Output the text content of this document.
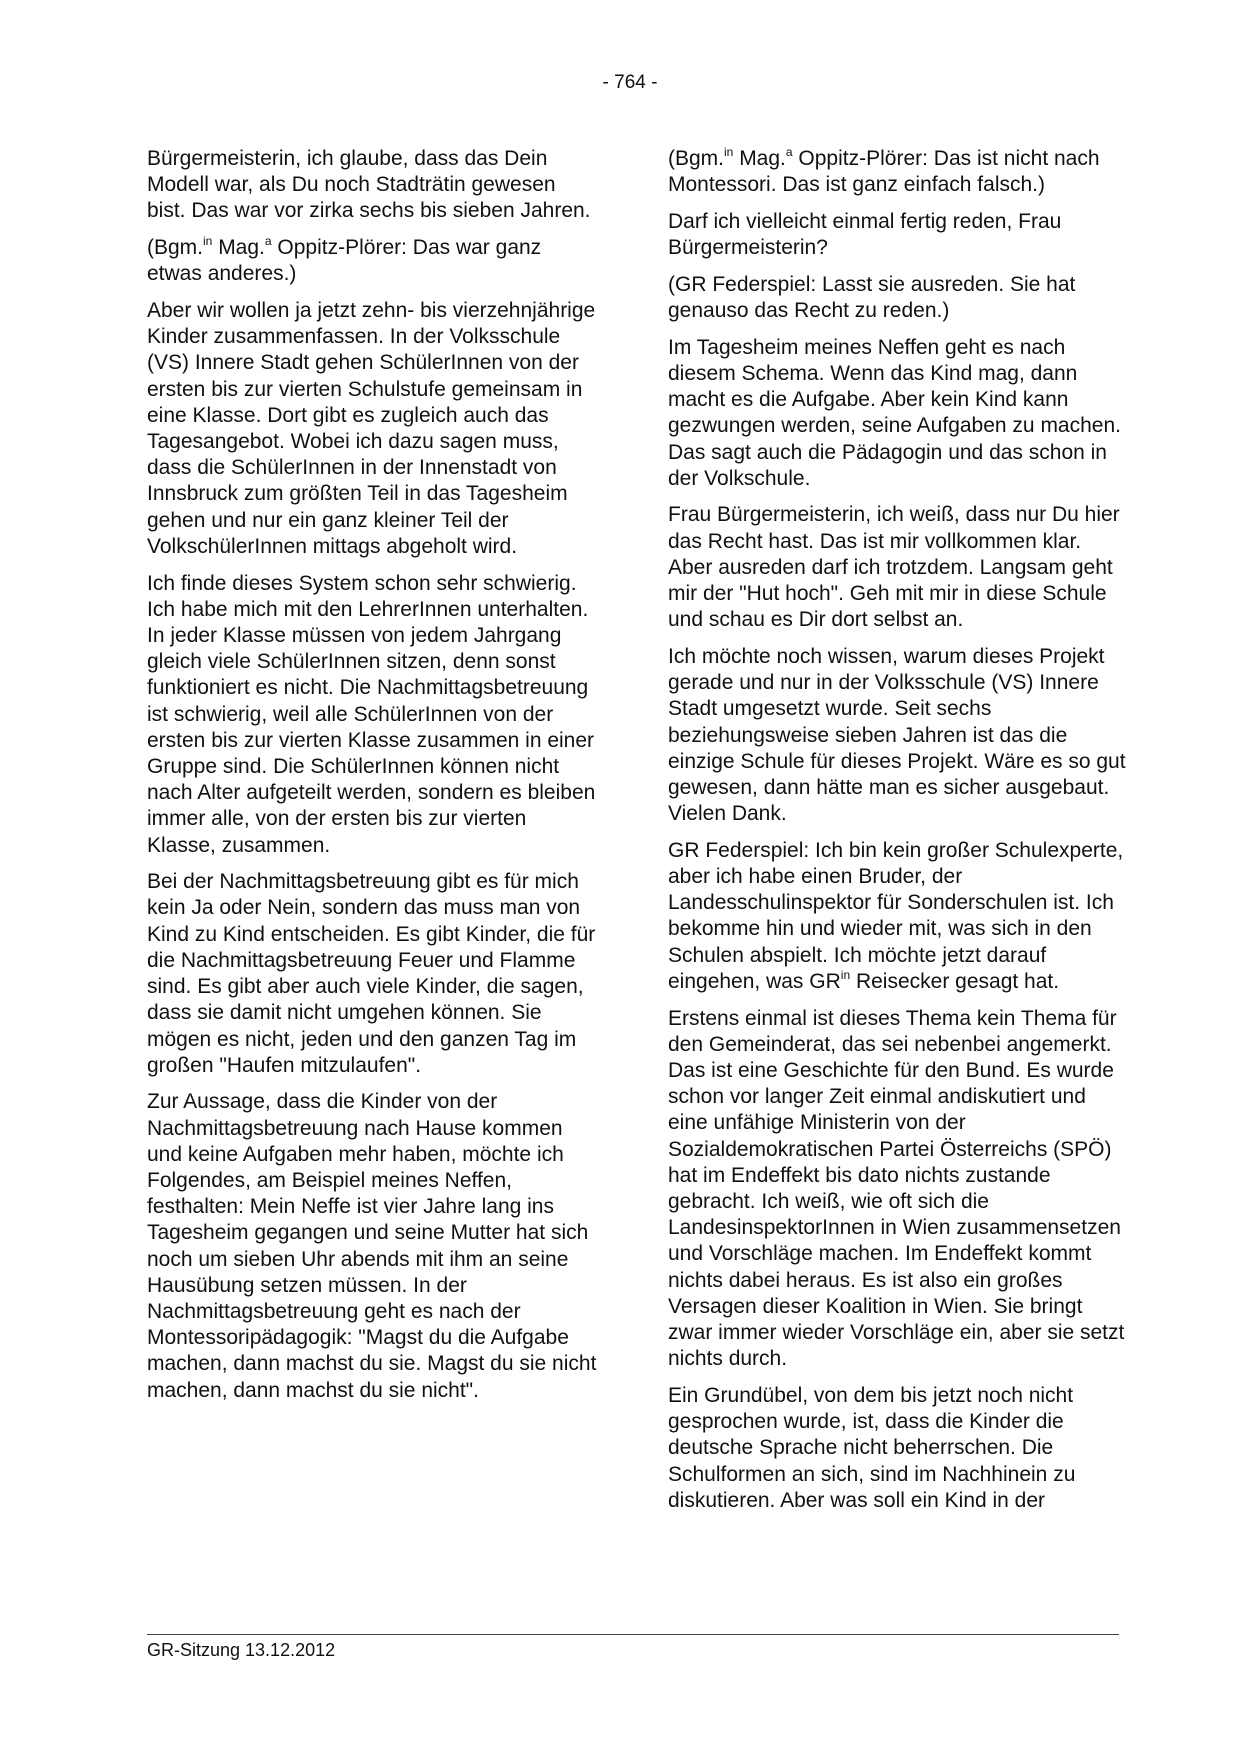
- 764 -

Bürgermeisterin, ich glaube, dass das Dein Modell war, als Du noch Stadträtin gewesen bist. Das war vor zirka sechs bis sieben Jahren.

(Bgm.$^{in}$ Mag.$^a$ Oppitz-Plörer: Das war ganz etwas anderes.)

Aber wir wollen ja jetzt zehn- bis vierzehnjährige Kinder zusammenfassen. In der Volksschule (VS) Innere Stadt gehen SchülerInnen von der ersten bis zur vierten Schulstufe gemeinsam in eine Klasse. Dort gibt es zugleich auch das Tagesangebot. Wobei ich dazu sagen muss, dass die SchülerInnen in der Innenstadt von Innsbruck zum größten Teil in das Tagesheim gehen und nur ein ganz kleiner Teil der VolkschülerInnen mittags abgeholt wird.

Ich finde dieses System schon sehr schwierig. Ich habe mich mit den LehrerInnen unterhalten. In jeder Klasse müssen von jedem Jahrgang gleich viele SchülerInnen sitzen, denn sonst funktioniert es nicht. Die Nachmittagsbetreuung ist schwierig, weil alle SchülerInnen von der ersten bis zur vierten Klasse zusammen in einer Gruppe sind. Die SchülerInnen können nicht nach Alter aufgeteilt werden, sondern es bleiben immer alle, von der ersten bis zur vierten Klasse, zusammen.

Bei der Nachmittagsbetreuung gibt es für mich kein Ja oder Nein, sondern das muss man von Kind zu Kind entscheiden. Es gibt Kinder, die für die Nachmittagsbetreuung Feuer und Flamme sind. Es gibt aber auch viele Kinder, die sagen, dass sie damit nicht umgehen können. Sie mögen es nicht, jeden und den ganzen Tag im großen "Haufen mitzulaufen".

Zur Aussage, dass die Kinder von der Nachmittagsbetreuung nach Hause kommen und keine Aufgaben mehr haben, möchte ich Folgendes, am Beispiel meines Neffen, festhalten: Mein Neffe ist vier Jahre lang ins Tagesheim gegangen und seine Mutter hat sich noch um sieben Uhr abends mit ihm an seine Hausübung setzen müssen. In der Nachmittagsbetreuung geht es nach der Montessoripädagogik: "Magst du die Aufgabe machen, dann machst du sie. Magst du sie nicht machen, dann machst du sie nicht".

(Bgm.$^{in}$ Mag.$^a$ Oppitz-Plörer: Das ist nicht nach Montessori. Das ist ganz einfach falsch.)

Darf ich vielleicht einmal fertig reden, Frau Bürgermeisterin?

(GR Federspiel: Lasst sie ausreden. Sie hat genauso das Recht zu reden.)

Im Tagesheim meines Neffen geht es nach diesem Schema. Wenn das Kind mag, dann macht es die Aufgabe. Aber kein Kind kann gezwungen werden, seine Aufgaben zu machen. Das sagt auch die Pädagogin und das schon in der Volkschule.

Frau Bürgermeisterin, ich weiß, dass nur Du hier das Recht hast. Das ist mir vollkommen klar. Aber ausreden darf ich trotzdem. Langsam geht mir der "Hut hoch". Geh mit mir in diese Schule und schau es Dir dort selbst an.

Ich möchte noch wissen, warum dieses Projekt gerade und nur in der Volksschule (VS) Innere Stadt umgesetzt wurde. Seit sechs beziehungsweise sieben Jahren ist das die einzige Schule für dieses Projekt. Wäre es so gut gewesen, dann hätte man es sicher ausgebaut. Vielen Dank.

GR Federspiel: Ich bin kein großer Schulexperte, aber ich habe einen Bruder, der Landesschulinspektor für Sonderschulen ist. Ich bekomme hin und wieder mit, was sich in den Schulen abspielt. Ich möchte jetzt darauf eingehen, was $GR^{in}$ Reisecker gesagt hat.

Erstens einmal ist dieses Thema kein Thema für den Gemeinderat, das sei nebenbei angemerkt. Das ist eine Geschichte für den Bund. Es wurde schon vor langer Zeit einmal andiskutiert und eine unfähige Ministerin von der Sozialdemokratischen Partei Österreichs (SPÖ) hat im Endeffekt bis dato nichts zustande gebracht. Ich weiß, wie oft sich die LandesinspektorInnen in Wien zusammensetzen und Vorschläge machen. Im Endeffekt kommt nichts dabei heraus. Es ist also ein großes Versagen dieser Koalition in Wien. Sie bringt zwar immer wieder Vorschläge ein, aber sie setzt nichts durch.

Ein Grundübel, von dem bis jetzt noch nicht gesprochen wurde, ist, dass die Kinder die deutsche Sprache nicht beherrschen. Die Schulformen an sich, sind im Nachhinein zu diskutieren. Aber was soll ein Kind in der

GR-Sitzung 13.12.2012
